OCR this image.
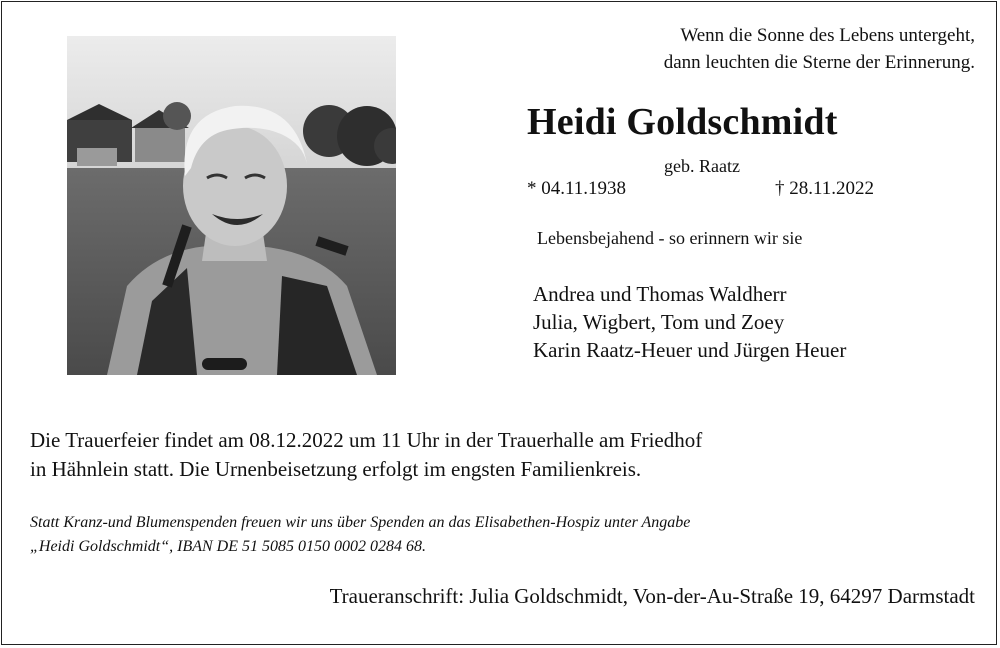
Wenn die Sonne des Lebens untergeht,
dann leuchten die Sterne der Erinnerung.
Heidi Goldschmidt
geb. Raatz
* 04.11.1938	† 28.11.2022
Lebensbejahend - so erinnern wir sie
Andrea und Thomas Waldherr
Julia, Wigbert, Tom und Zoey
Karin Raatz-Heuer und Jürgen Heuer
Die Trauerfeier findet am 08.12.2022 um 11 Uhr in der Trauerhalle am Friedhof
in Hähnlein statt. Die Urnenbeisetzung erfolgt im engsten Familienkreis.
Statt Kranz-und Blumenspenden freuen wir uns über Spenden an das Elisabethen-Hospiz unter Angabe
„Heidi Goldschmidt“, IBAN DE 51 5085 0150 0002 0284 68.
Traueranschrift: Julia Goldschmidt, Von-der-Au-Straße 19, 64297 Darmstadt
